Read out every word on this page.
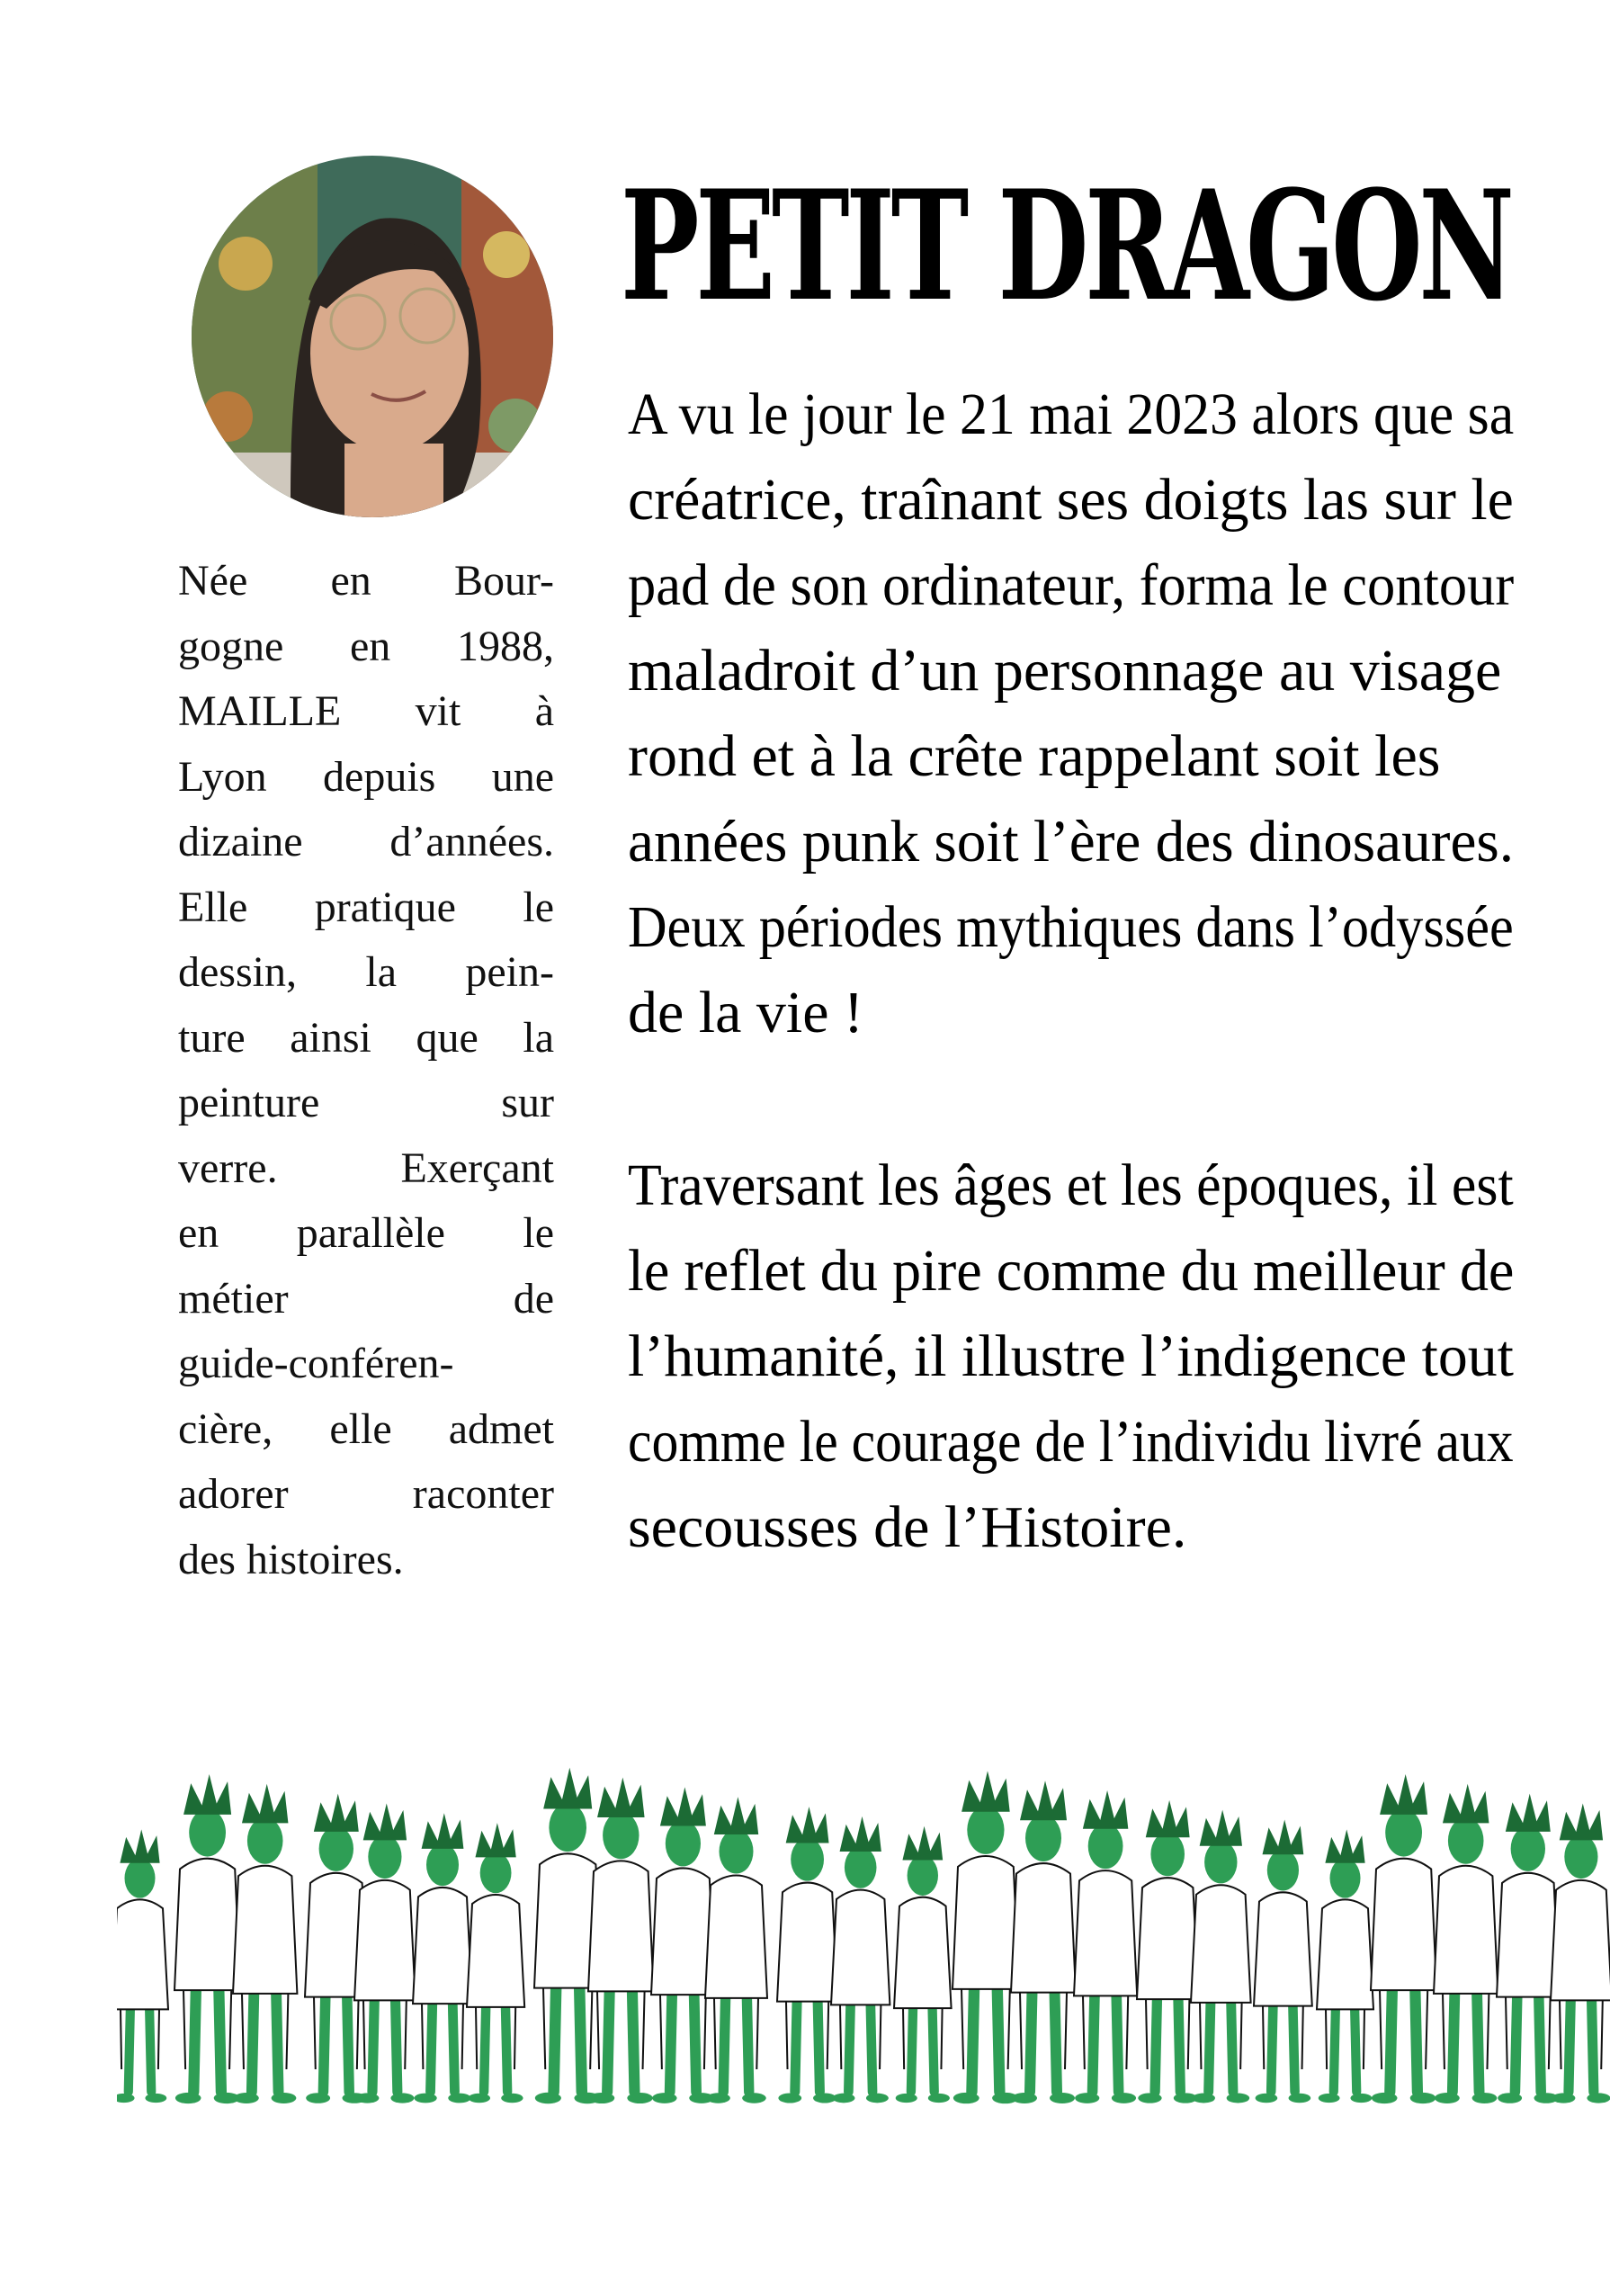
Née en Bour-
gogne en 1988,
MAILLE vit à
Lyon depuis une
dizaine d’années.
Elle pratique le
dessin, la pein-
ture ainsi que la
peinture sur
verre. Exerçant
en parallèle le
métier de
guide-conféren-
cière, elle admet
adorer raconter
des histoires.
PETIT DRAGON
A vu le jour le 21 mai 2023 alors que sa
créatrice, traînant ses doigts las sur le
pad de son ordinateur, forma le contour
maladroit d’un personnage au visage
rond et à la crête rappelant soit les
années punk soit l’ère des dinosaures.
Deux périodes mythiques dans l’odyssée
de la vie !
Traversant les âges et les époques, il est
le reflet du pire comme du meilleur de
l’humanité, il illustre l’indigence tout
comme le courage de l’individu livré aux
secousses de l’Histoire.
